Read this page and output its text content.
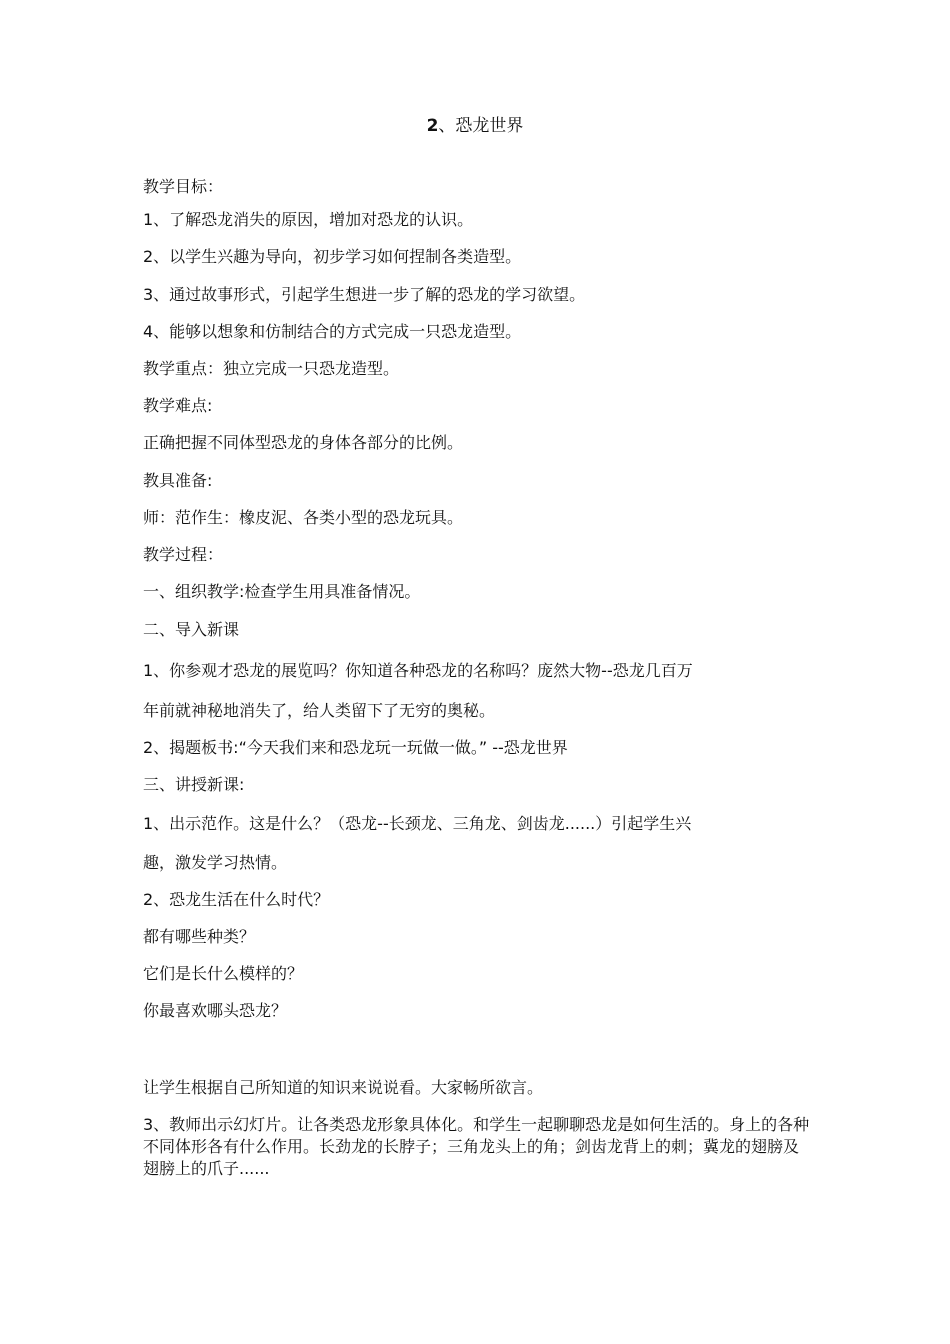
2、恐龙世界
教学目标：
1、了解恐龙消失的原因，增加对恐龙的认识。
2、以学生兴趣为导向，初步学习如何捏制各类造型。
3、通过故事形式，引起学生想进一步了解的恐龙的学习欲望。
4、能够以想象和仿制结合的方式完成一只恐龙造型。
教学重点：独立完成一只恐龙造型。
教学难点:
正确把握不同体型恐龙的身体各部分的比例。
教具准备:
师：范作生：橡皮泥、各类小型的恐龙玩具。
教学过程：
一、组织教学:检查学生用具准备情况。
二、导入新课
1、你参观才恐龙的展览吗？你知道各种恐龙的名称吗？庞然大物--恐龙几百万
年前就神秘地消失了，给人类留下了无穷的奥秘。
2、揭题板书:“今天我们来和恐龙玩一玩做一做。” --恐龙世界
三、讲授新课:
1、出示范作。这是什么？（恐龙--长颈龙、三角龙、剑齿龙......）引起学生兴
趣，激发学习热情。
2、恐龙生活在什么时代？
都有哪些种类？
它们是长什么模样的？
你最喜欢哪头恐龙？
让学生根据自己所知道的知识来说说看。大家畅所欲言。
3、教师出示幻灯片。让各类恐龙形象具体化。和学生一起聊聊恐龙是如何生活的。身上的各种不同体形各有什么作用。长劲龙的长脖子；三角龙头上的角；剑齿龙背上的刺；冀龙的翅膀及翅膀上的爪子......
